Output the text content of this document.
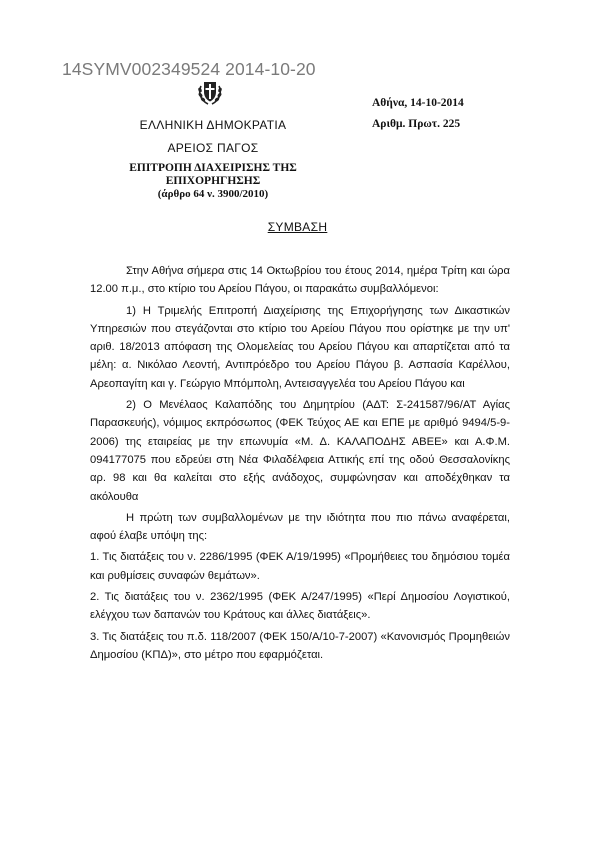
14SYMV002349524 2014-10-20
ΕΛΛΗΝΙΚΗ ΔΗΜΟΚΡΑΤΙΑ
ΑΡΕΙΟΣ ΠΑΓΟΣ
ΕΠΙΤΡΟΠΗ ΔΙΑΧΕΙΡΙΣΗΣ ΤΗΣ ΕΠΙΧΟΡΗΓΗΣΗΣ
(άρθρο 64 ν. 3900/2010)
Αθήνα, 14-10-2014
Αριθμ. Πρωτ. 225
ΣΥΜΒΑΣΗ

Στην Αθήνα σήμερα στις 14 Οκτωβρίου του έτους 2014, ημέρα Τρίτη και ώρα 12.00 π.μ., στο κτίριο του Αρείου Πάγου, οι παρακάτω συμβαλλόμενοι:

1) Η Τριμελής Επιτροπή Διαχείρισης της Επιχορήγησης των Δικαστικών Υπηρεσιών που στεγάζονται στο κτίριο του Αρείου Πάγου που ορίστηκε με την υπ' αριθ. 18/2013 απόφαση της Ολομελείας του Αρείου Πάγου και απαρτίζεται από τα μέλη: α. Νικόλαο Λεοντή, Αντιπρόεδρο του Αρείου Πάγου β. Ασπασία Καρέλλου, Αρεοπαγίτη και γ. Γεώργιο Μπόμπολη, Αντεισαγγελέα του Αρείου Πάγου και

2) Ο Μενέλαος Καλαπόδης του Δημητρίου (ΑΔΤ: Σ-241587/96/ΑΤ Αγίας Παρασκευής), νόμιμος εκπρόσωπος (ΦΕΚ Τεύχος ΑΕ και ΕΠΕ με αριθμό 9494/5-9-2006) της εταιρείας με την επωνυμία «Μ. Δ. ΚΑΛΑΠΟΔΗΣ ΑΒΕΕ» και Α.Φ.Μ. 094177075 που εδρεύει στη Νέα Φιλαδέλφεια Αττικής επί της οδού Θεσσαλονίκης αρ. 98 και θα καλείται στο εξής ανάδοχος, συμφώνησαν και αποδέχθηκαν τα ακόλουθα

Η πρώτη των συμβαλλομένων με την ιδιότητα που πιο πάνω αναφέρεται, αφού έλαβε υπόψη της:

1. Τις διατάξεις του ν. 2286/1995 (ΦΕΚ Α/19/1995) «Προμήθειες του δημόσιου τομέα και ρυθμίσεις συναφών θεμάτων».

2. Τις διατάξεις του ν. 2362/1995 (ΦΕΚ Α/247/1995) «Περί Δημοσίου Λογιστικού, ελέγχου των δαπανών του Κράτους και άλλες διατάξεις».

3. Τις διατάξεις του π.δ. 118/2007 (ΦΕΚ 150/Α/10-7-2007) «Κανονισμός Προμηθειών Δημοσίου (ΚΠΔ)», στο μέτρο που εφαρμόζεται.
